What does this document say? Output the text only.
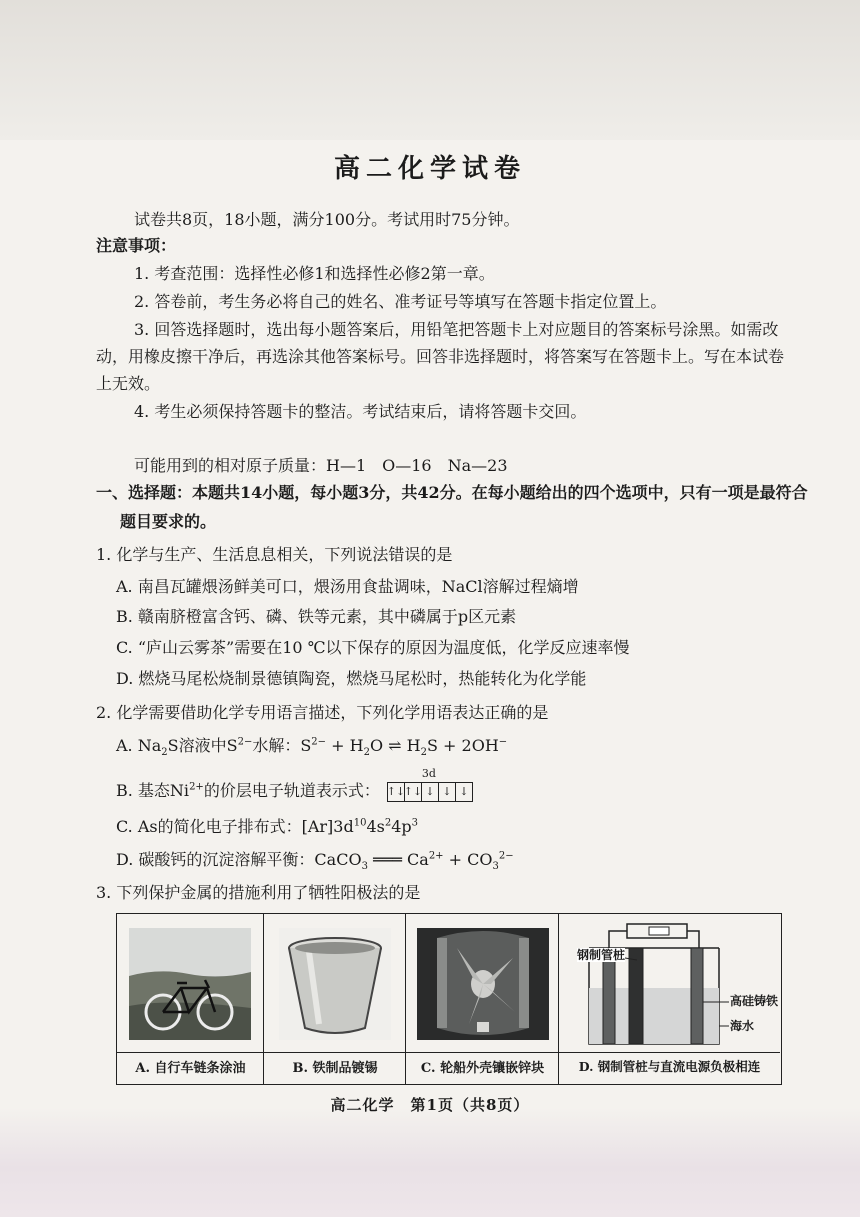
高二化学试卷
试卷共8页，18小题，满分100分。考试用时75分钟。
注意事项：
1. 考查范围：选择性必修1和选择性必修2第一章。
2. 答卷前，考生务必将自己的姓名、准考证号等填写在答题卡指定位置上。
3. 回答选择题时，选出每小题答案后，用铅笔把答题卡上对应题目的答案标号涂黑。如需改
动，用橡皮擦干净后，再选涂其他答案标号。回答非选择题时，将答案写在答题卡上。写在本试卷
上无效。
4. 考生必须保持答题卡的整洁。考试结束后，请将答题卡交回。
可能用到的相对原子质量：H—1　O—16　Na—23
一、选择题：本题共14小题，每小题3分，共42分。在每小题给出的四个选项中，只有一项是最符合
题目要求的。
1. 化学与生产、生活息息相关，下列说法错误的是
A. 南昌瓦罐煨汤鲜美可口，煨汤用食盐调味，NaCl溶解过程熵增
B. 赣南脐橙富含钙、磷、铁等元素，其中磷属于p区元素
C. “庐山云雾茶”需要在10 ℃以下保存的原因为温度低，化学反应速率慢
D. 燃烧马尾松烧制景德镇陶瓷，燃烧马尾松时，热能转化为化学能
2. 化学需要借助化学专用语言描述，下列化学用语表达正确的是
A. $Na_2S$溶液中$S^{2-}$水解：$S^{2-} + H_2O$ ⇌ $H_2S + 2OH^-$
B. 基态$Ni^{2+}$的价层电子轨道表示式：
3d
↑↓
↑↓ ↓ ↓ ↓
C. As的简化电子排布式：$[Ar]3d^{10}4s^24p^3$
D. 碳酸钙的沉淀溶解平衡：CaCO$_3$ ═══ $Ca^{2+} + CO_3^{2-}$
3. 下列保护金属的措施利用了牺牲阳极法的是
钢制管桩
高硅铸铁
海水
A. 自行车链条涂油	B. 铁制品镀锡	C. 轮船外壳镶嵌锌块	D. 钢制管桩与直流电源负极相连
高二化学　第1页（共8页）
